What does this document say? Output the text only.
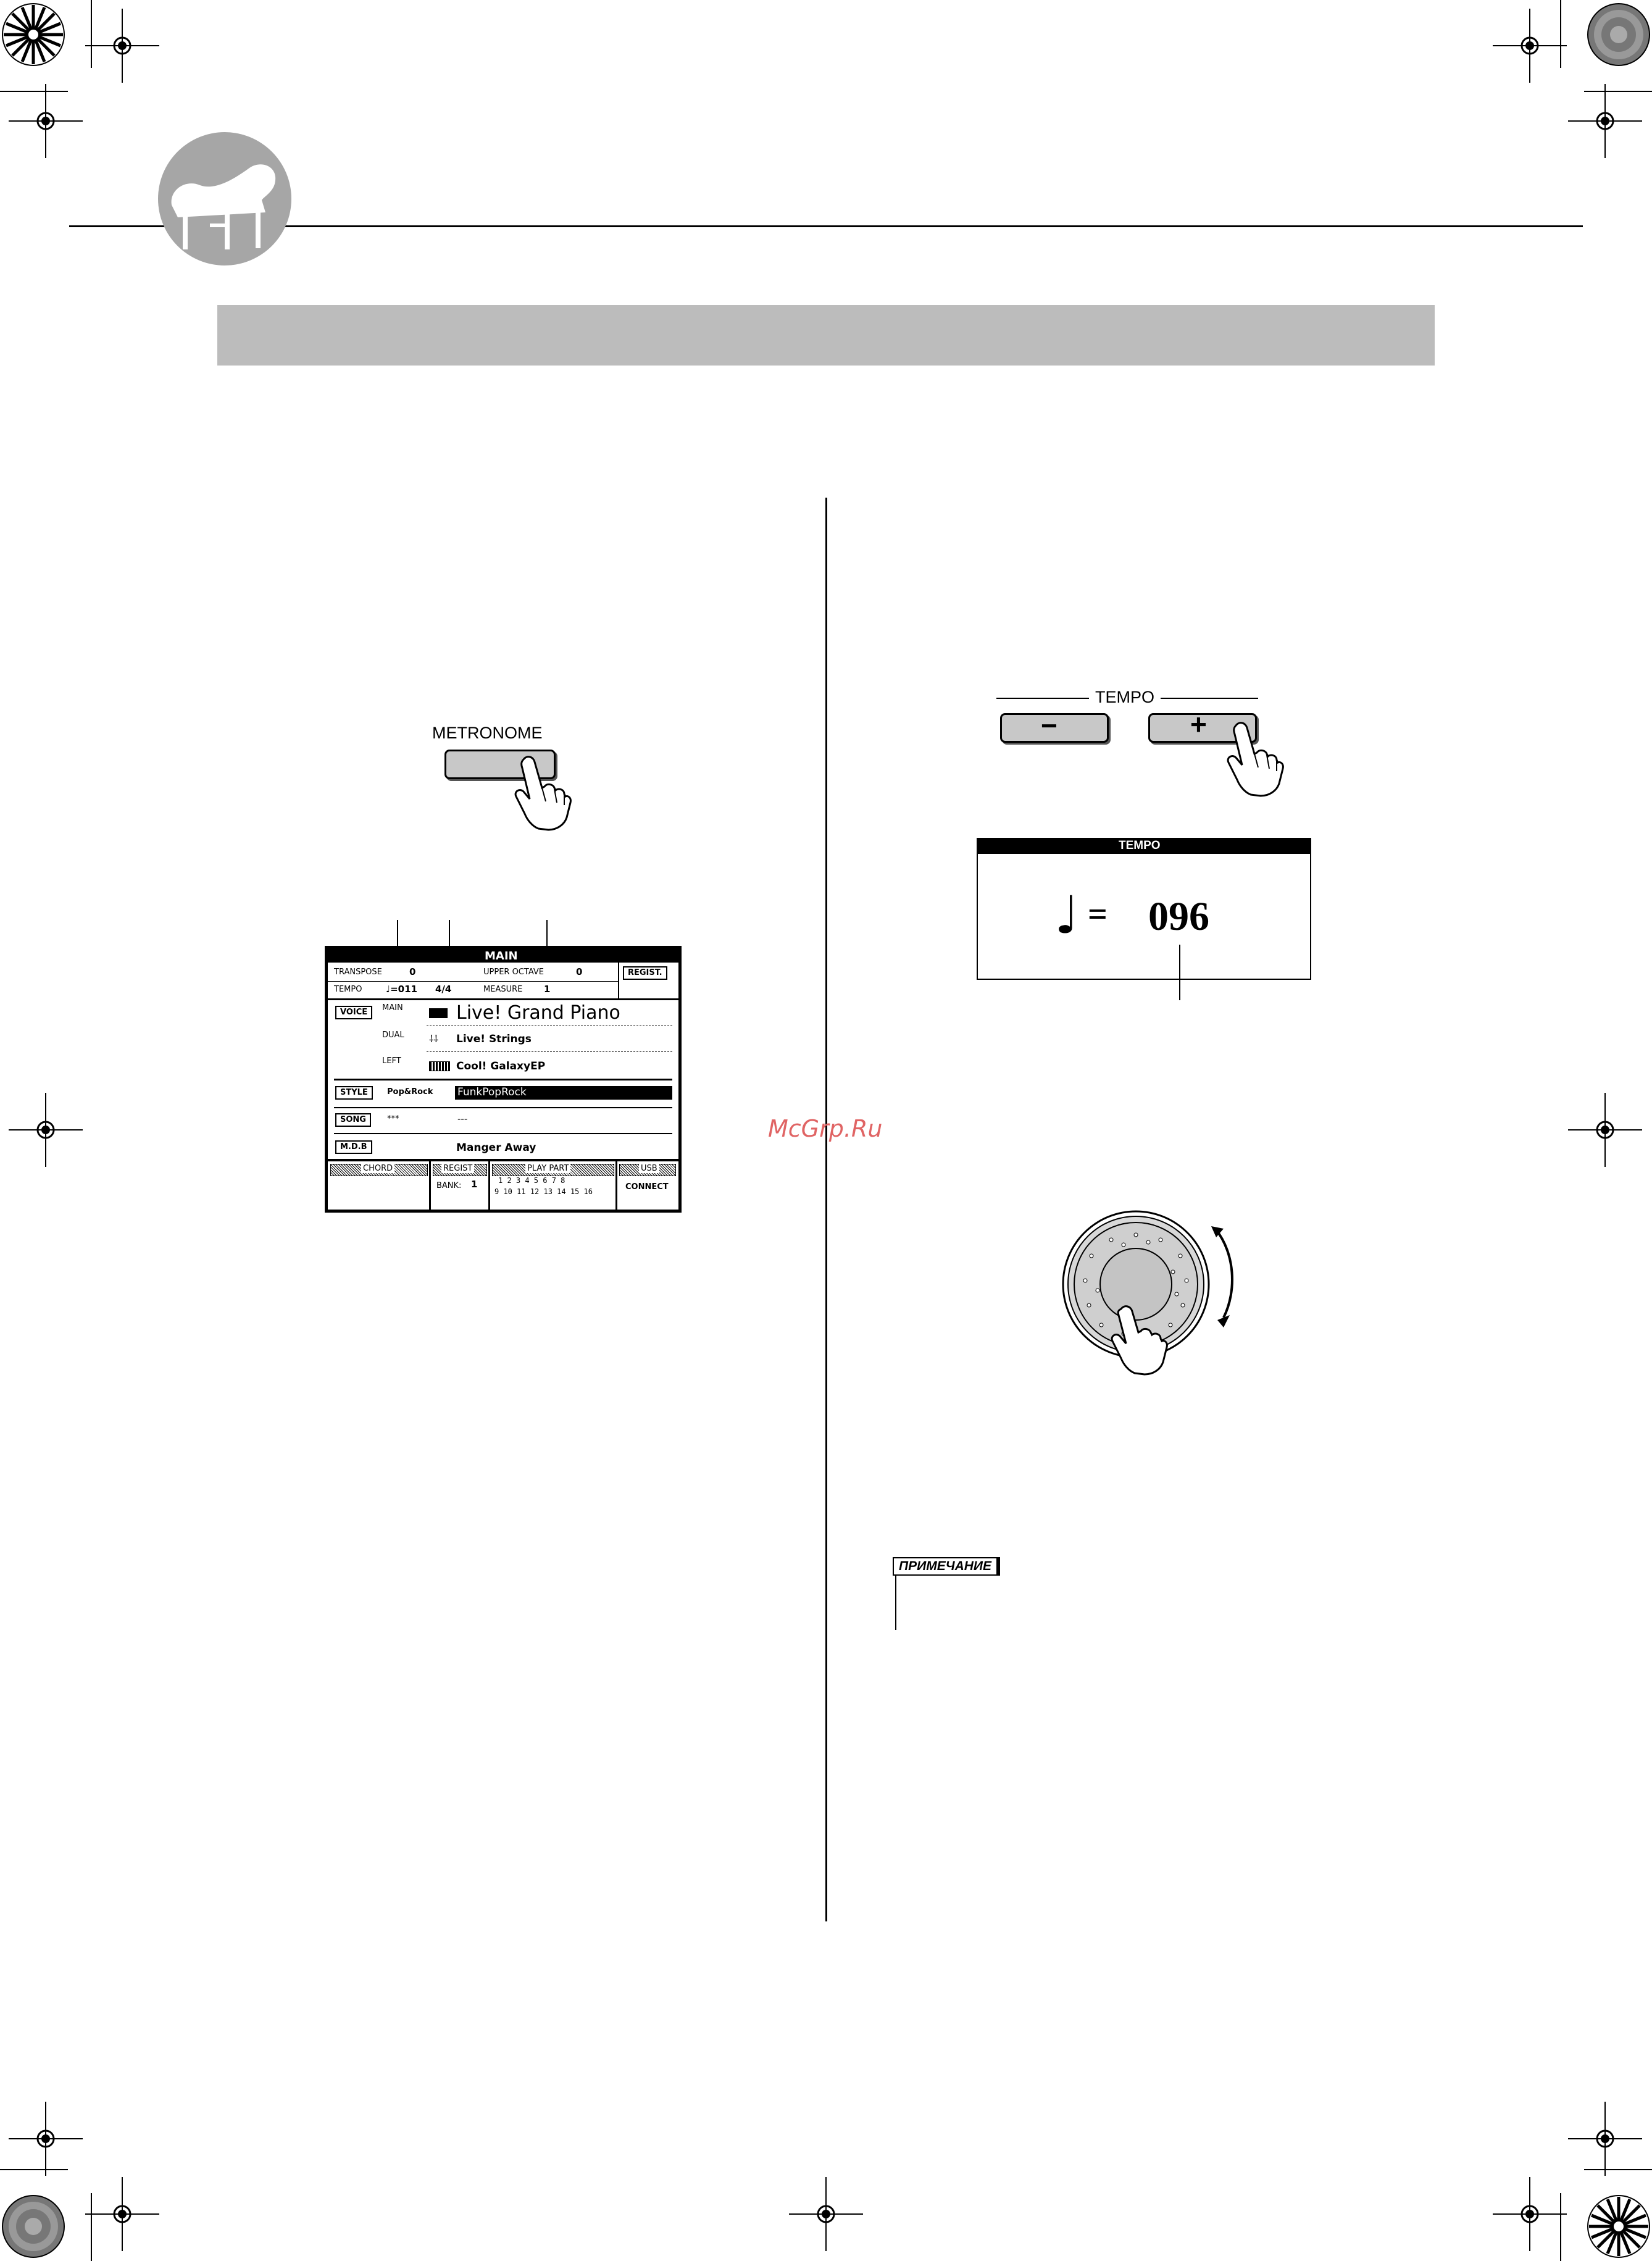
METRONOME
MAIN
TRANSPOSE	0	UPPER OCTAVE	0	REGIST.
TEMPO	♩=011 4/4	MEASURE 1
VOICE	MAIN	Live! Grand Piano
DUAL	⸸⸸ Live! Strings
LEFT	Cool! GalaxyEP
STYLE	Pop&Rock FunkPopRock
SONG	***	---
M.D.B	Manger Away
CHORD	REGIST
BANK: 1
PLAY PART
1 2 3 4 5 6 7 8
9 10 11 12 13 14 15 16
USB
CONNECT
TEMPO
−	+
TEMPO
♩ = 096
McGrp.Ru
ПРИМЕЧАНИЕ
